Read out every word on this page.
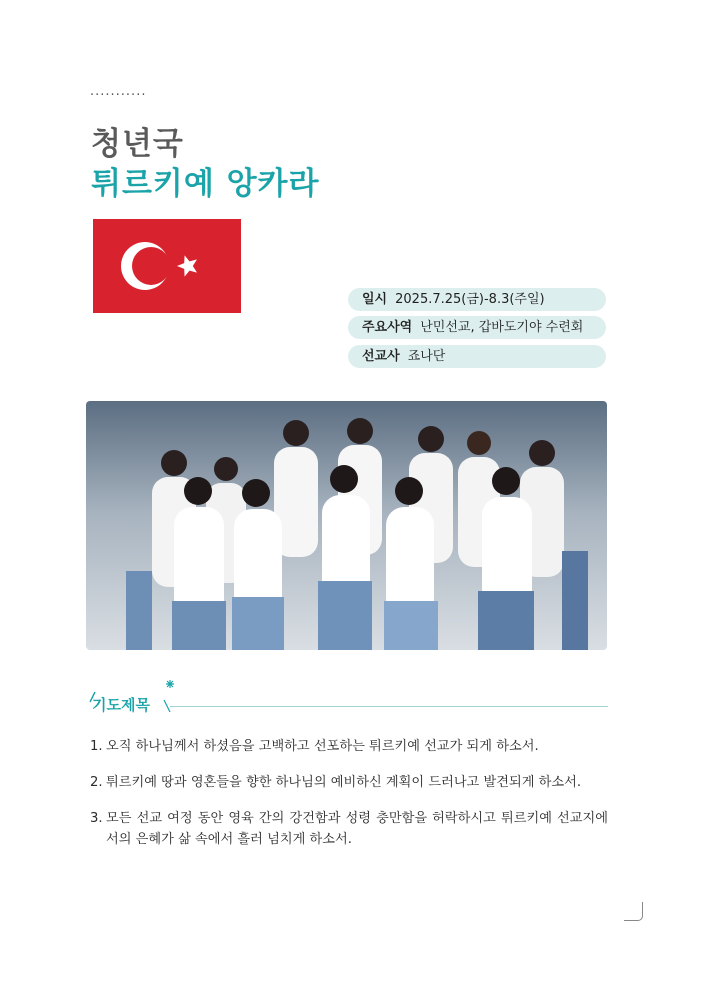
...........
청년국
튀르키예 앙카라
일시 2025.7.25(금)-8.3(주일)
주요사역 난민선교, 갑바도기야 수련회
선교사 죠나단
기도제목
1. 오직 하나님께서 하셨음을 고백하고 선포하는 튀르키예 선교가 되게 하소서.
2. 튀르키예 땅과 영혼들을 향한 하나님의 예비하신 계획이 드러나고 발견되게 하소서.
3. 모든 선교 여정 동안 영육 간의 강건함과 성령 충만함을 허락하시고 튀르키예 선교지에서의 은혜가 삶 속에서 흘러 넘치게 하소서.
